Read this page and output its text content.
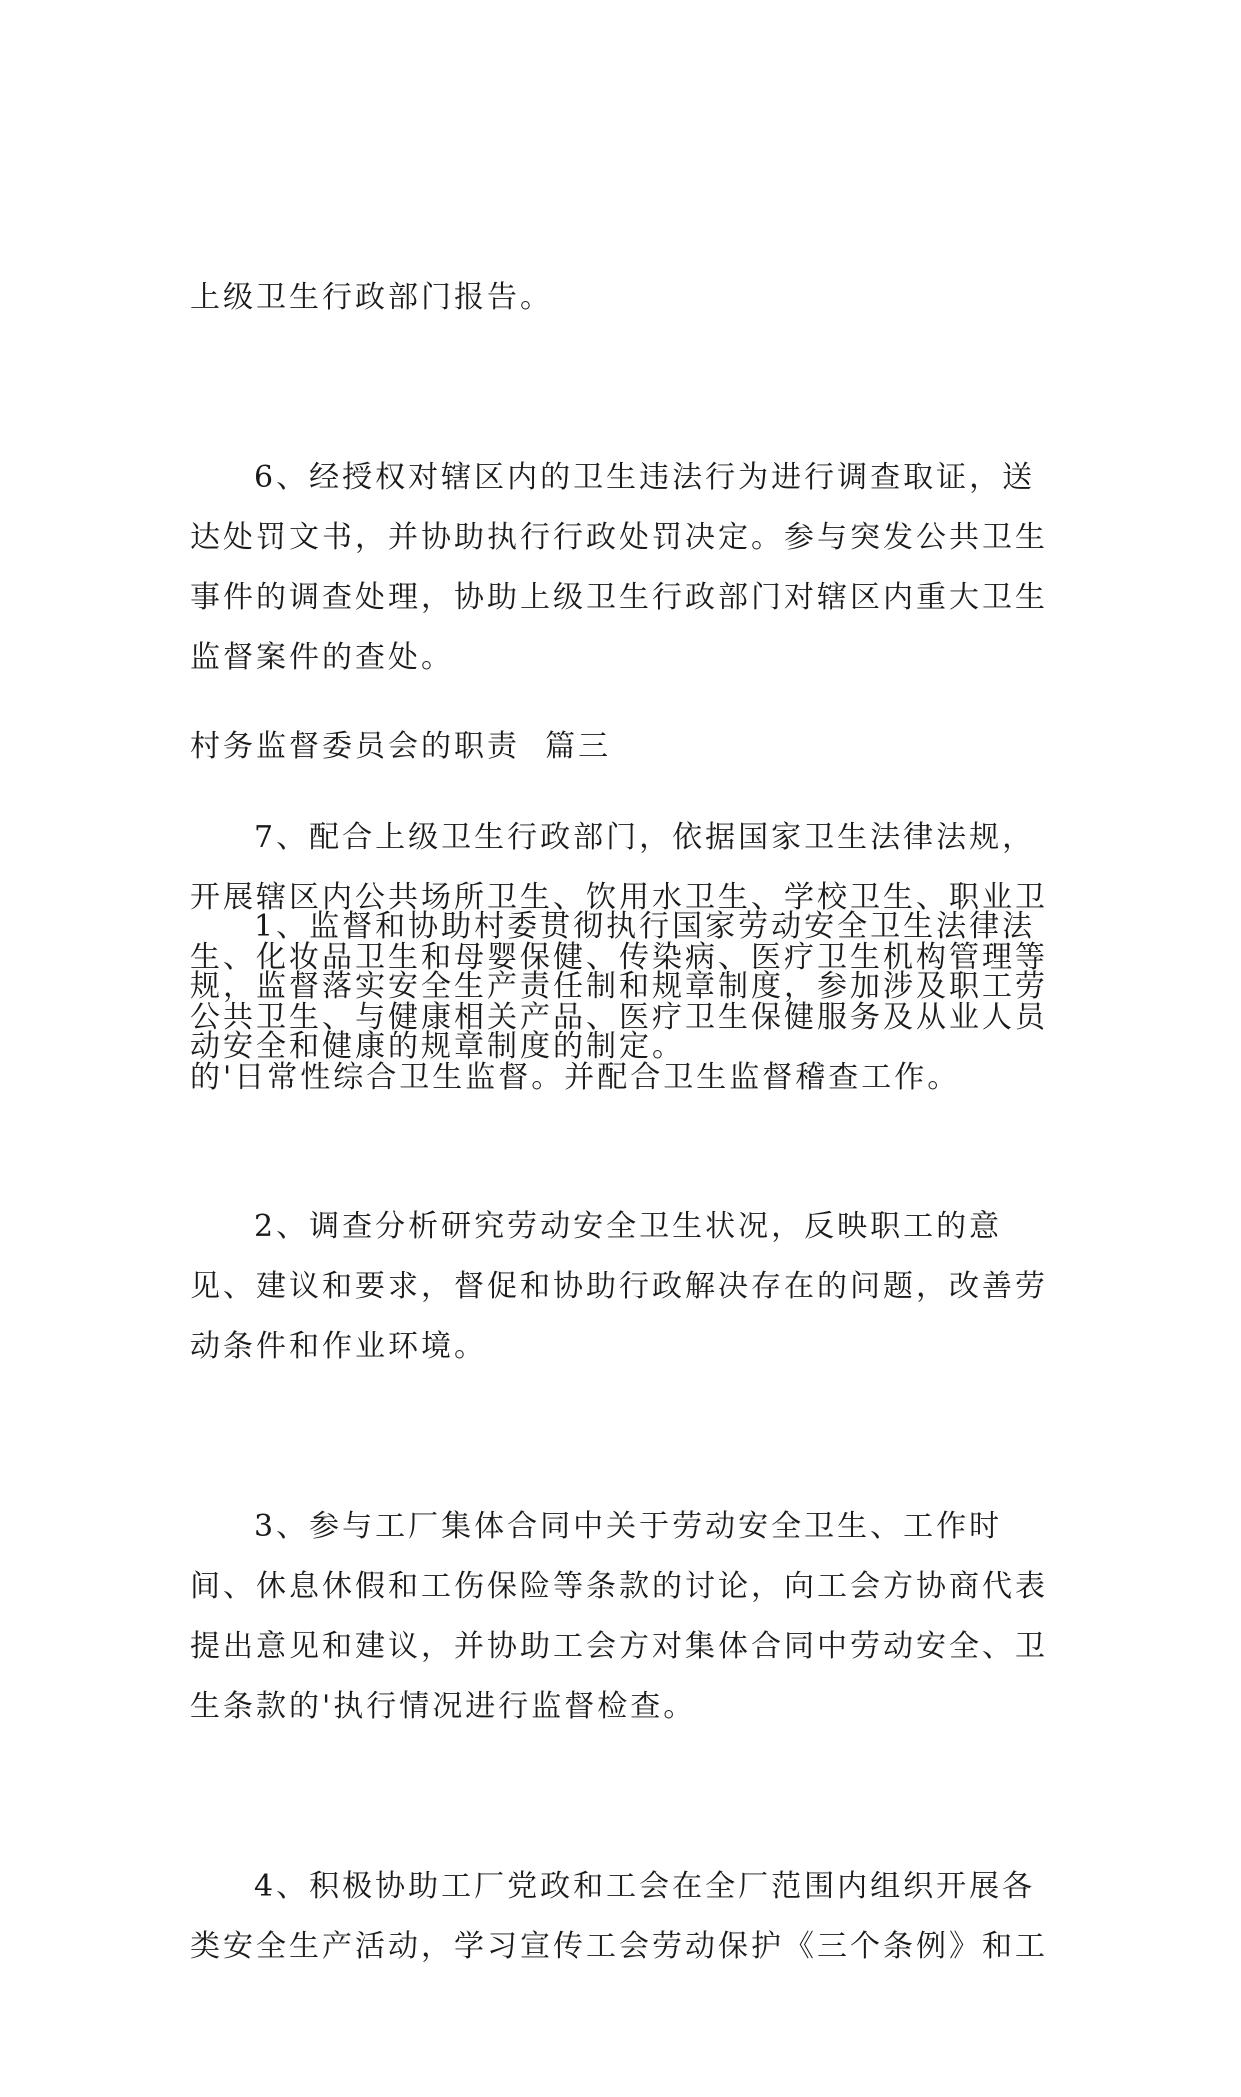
上级卫生行政部门报告。

6、经授权对辖区内的卫生违法行为进行调查取证，送达处罚文书，并协助执行行政处罚决定。参与突发公共卫生事件的调查处理，协助上级卫生行政部门对辖区内重大卫生监督案件的查处。

7、配合上级卫生行政部门，依据国家卫生法律法规，开展辖区内公共场所卫生、饮用水卫生、学校卫生、职业卫生、化妆品卫生和母婴保健、传染病、医疗卫生机构管理等公共卫生、与健康相关产品、医疗卫生保健服务及从业人员的'日常性综合卫生监督。并配合卫生监督稽查工作。

村务监督委员会的职责  篇三

1、监督和协助村委贯彻执行国家劳动安全卫生法律法规，监督落实安全生产责任制和规章制度，参加涉及职工劳动安全和健康的规章制度的制定。

2、调查分析研究劳动安全卫生状况，反映职工的意见、建议和要求，督促和协助行政解决存在的问题，改善劳动条件和作业环境。

3、参与工厂集体合同中关于劳动安全卫生、工作时间、休息休假和工伤保险等条款的讨论，向工会方协商代表提出意见和建议，并协助工会方对集体合同中劳动安全、卫生条款的'执行情况进行监督检查。

4、积极协助工厂党政和工会在全厂范围内组织开展各类安全生产活动，学习宣传工会劳动保护《三个条例》和工
